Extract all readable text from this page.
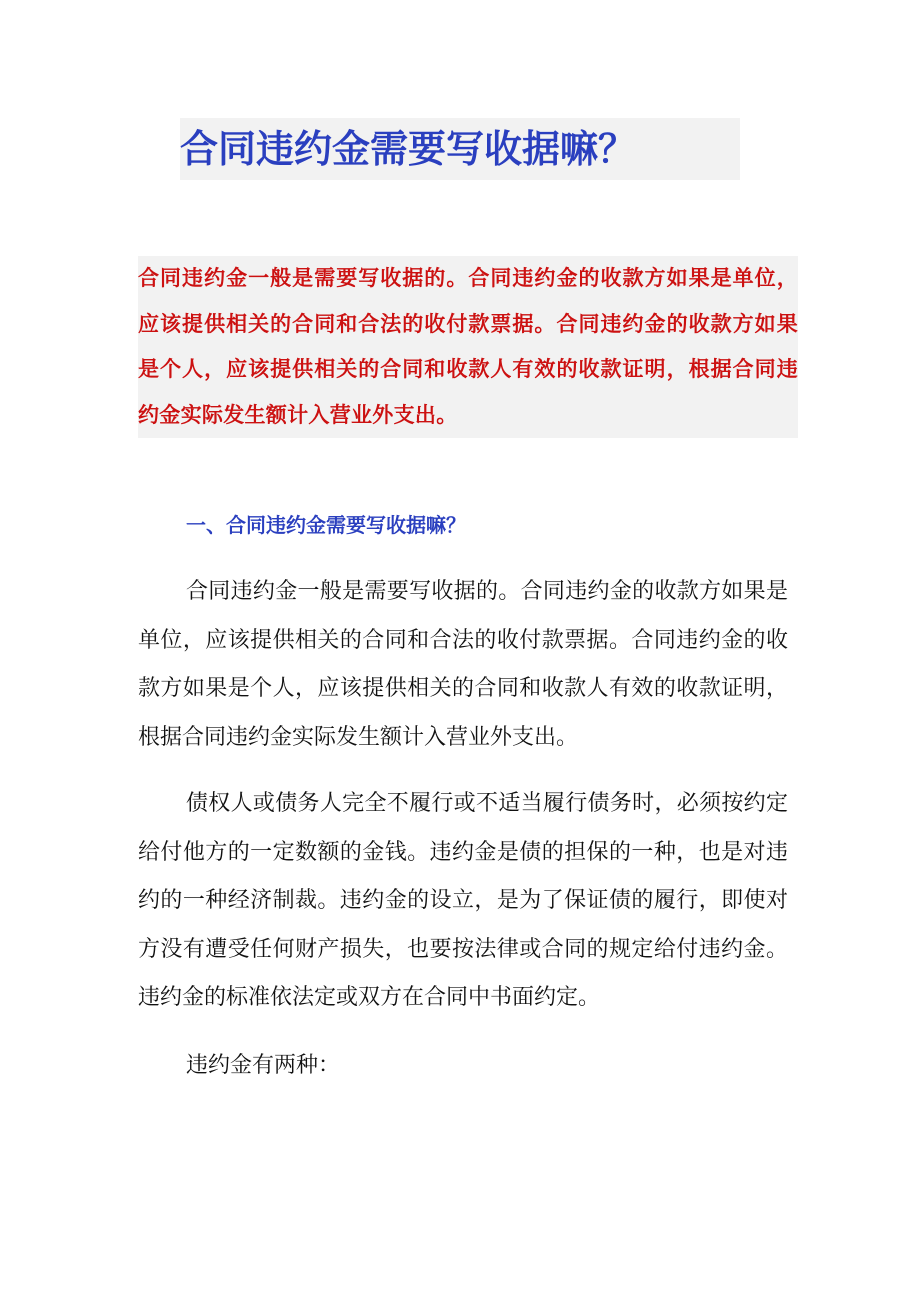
合同违约金需要写收据嘛？

合同违约金一般是需要写收据的。合同违约金的收款方如果是单位，应该提供相关的合同和合法的收付款票据。合同违约金的收款方如果是个人，应该提供相关的合同和收款人有效的收款证明，根据合同违约金实际发生额计入营业外支出。

一、合同违约金需要写收据嘛？

合同违约金一般是需要写收据的。合同违约金的收款方如果是单位，应该提供相关的合同和合法的收付款票据。合同违约金的收款方如果是个人，应该提供相关的合同和收款人有效的收款证明，根据合同违约金实际发生额计入营业外支出。

债权人或债务人完全不履行或不适当履行债务时，必须按约定给付他方的一定数额的金钱。违约金是债的担保的一种，也是对违约的一种经济制裁。违约金的设立，是为了保证债的履行，即使对方没有遭受任何财产损失，也要按法律或合同的规定给付违约金。违约金的标准依法定或双方在合同中书面约定。

违约金有两种：
